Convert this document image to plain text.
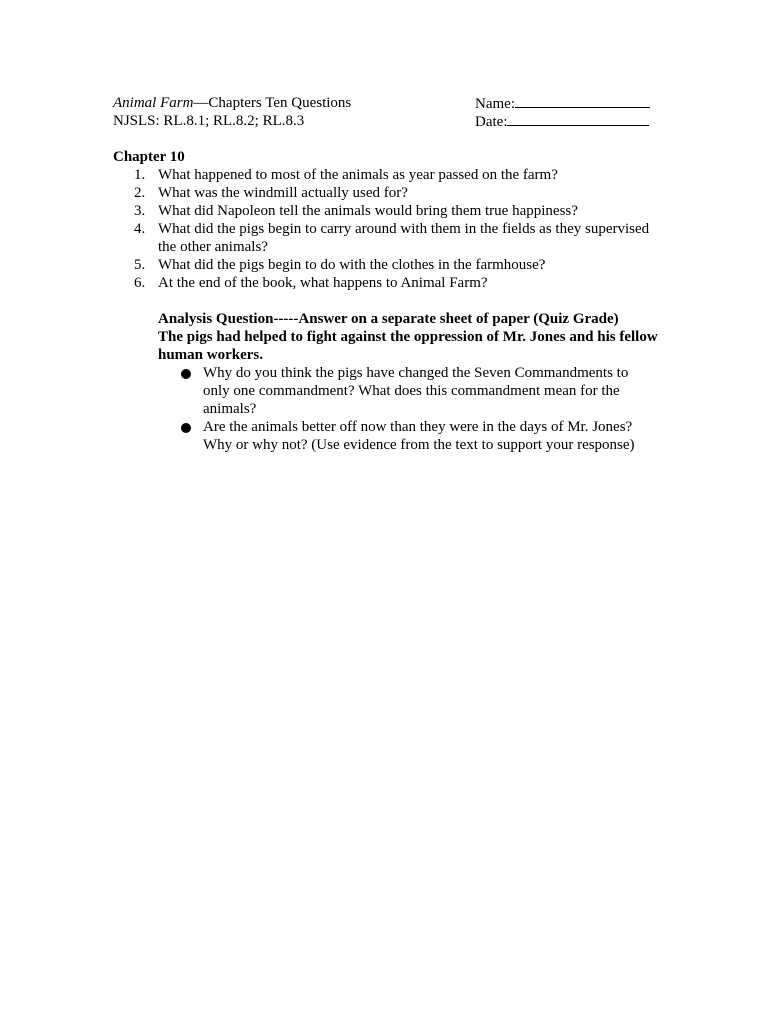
Animal Farm—Chapters Ten Questions	Name:
NJSLS: RL.8.1; RL.8.2; RL.8.3	Date:
Chapter 10
1. What happened to most of the animals as year passed on the farm?
2. What was the windmill actually used for?
3. What did Napoleon tell the animals would bring them true happiness?
4. What did the pigs begin to carry around with them in the fields as they supervised the other animals?
5. What did the pigs begin to do with the clothes in the farmhouse?
6. At the end of the book, what happens to Animal Farm?
Analysis Question-----Answer on a separate sheet of paper (Quiz Grade)
The pigs had helped to fight against the oppression of Mr. Jones and his fellow human workers.
Why do you think the pigs have changed the Seven Commandments to only one commandment? What does this commandment mean for the animals?
Are the animals better off now than they were in the days of Mr. Jones? Why or why not? (Use evidence from the text to support your response)
